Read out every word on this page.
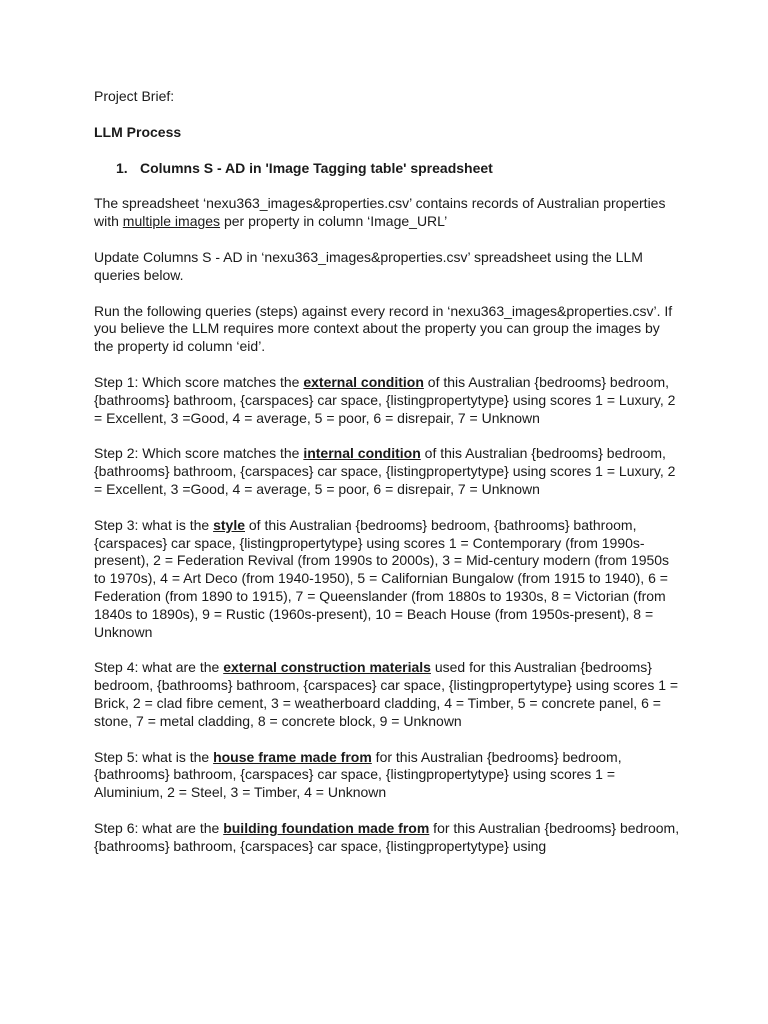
Project Brief:

LLM Process

1. Columns S - AD in 'Image Tagging table' spreadsheet

The spreadsheet ‘nexu363_images&properties.csv’ contains records of Australian properties with multiple images per property in column ‘Image_URL’

Update Columns S - AD in ‘nexu363_images&properties.csv’ spreadsheet using the LLM queries below.

Run the following queries (steps) against every record in ‘nexu363_images&properties.csv’. If you believe the LLM requires more context about the property you can group the images by the property id column ‘eid’.

Step 1: Which score matches the external condition of this Australian {bedrooms} bedroom, {bathrooms} bathroom, {carspaces} car space, {listingpropertytype} using scores 1 = Luxury, 2 = Excellent, 3 =Good, 4 = average, 5 = poor, 6 = disrepair, 7 = Unknown

Step 2: Which score matches the internal condition of this Australian {bedrooms} bedroom, {bathrooms} bathroom, {carspaces} car space, {listingpropertytype} using scores 1 = Luxury, 2 = Excellent, 3 =Good, 4 = average, 5 = poor, 6 = disrepair, 7 = Unknown

Step 3: what is the style of this Australian {bedrooms} bedroom, {bathrooms} bathroom, {carspaces} car space, {listingpropertytype} using scores 1 = Contemporary (from 1990s-present), 2 = Federation Revival (from 1990s to 2000s), 3 = Mid-century modern (from 1950s to 1970s), 4 = Art Deco (from 1940-1950), 5 = Californian Bungalow (from 1915 to 1940), 6 = Federation (from 1890 to 1915), 7 = Queenslander (from 1880s to 1930s, 8 = Victorian (from 1840s to 1890s), 9 = Rustic (1960s-present), 10 = Beach House (from 1950s-present), 8 = Unknown

Step 4: what are the external construction materials used for this Australian {bedrooms} bedroom, {bathrooms} bathroom, {carspaces} car space, {listingpropertytype} using scores 1 = Brick, 2 = clad fibre cement, 3 = weatherboard cladding, 4 = Timber, 5 = concrete panel, 6 = stone, 7 = metal cladding, 8 = concrete block, 9 = Unknown

Step 5: what is the house frame made from for this Australian {bedrooms} bedroom, {bathrooms} bathroom, {carspaces} car space, {listingpropertytype} using scores 1 = Aluminium, 2 = Steel, 3 = Timber, 4 = Unknown

Step 6: what are the building foundation made from for this Australian {bedrooms} bedroom, {bathrooms} bathroom, {carspaces} car space, {listingpropertytype} using
